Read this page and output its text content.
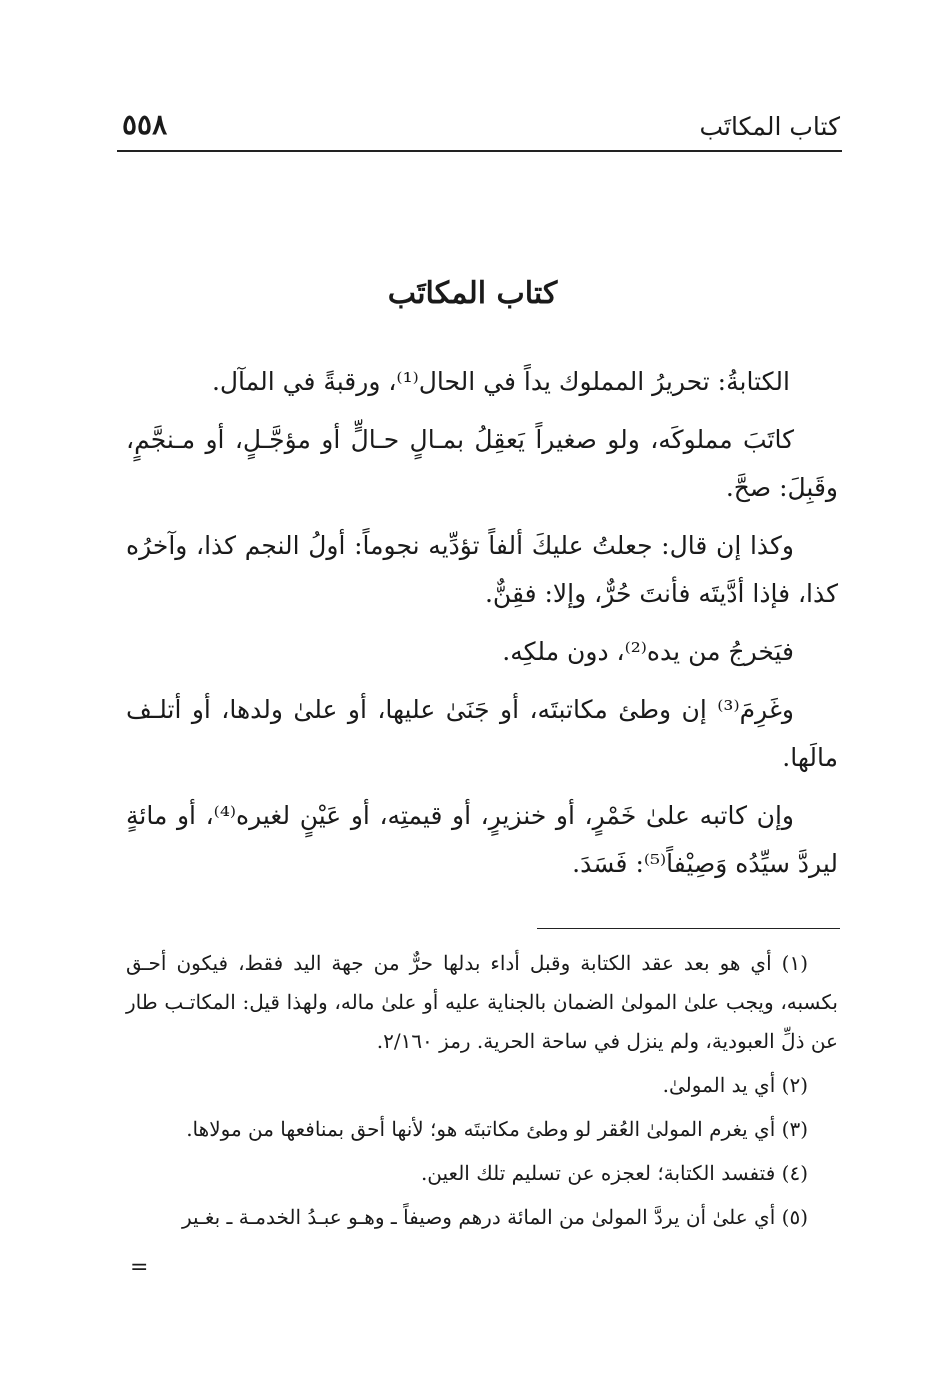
كتاب المكاتَب
٥٥٨
كتاب المكاتَب

الكتابةُ: تحريرُ المملوك يداً في الحال⁽¹⁾، ورقبةً في المآل.

كاتَبَ مملوكَه، ولو صغيراً يَعقِلُ بمـالٍ حـالٍّ أو مؤجَّـلٍ، أو مـنجَّمٍ، وقَبِلَ: صحَّ.

وكذا إن قال: جعلتُ عليكَ ألفاً تؤدِّيه نجوماً: أولُ النجم كذا، وآخرُه كذا، فإذا أدَّيتَه فأنتَ حُرٌّ، وإلا: فقِنٌّ.

فيَخرجُ من يده⁽²⁾، دون ملكِه.

وغَرِمَ⁽³⁾ إن وطئ مكاتبتَه، أو جَنَىٰ عليها، أو علىٰ ولدها، أو أتلـف مالَها.

وإن كاتبه علىٰ خَمْرٍ، أو خنزيرٍ، أو قيمتِه، أو عَيْنٍ لغيره⁽⁴⁾، أو مائةٍ ليردَّ سيِّدُه وَصِيْفاً⁽⁵⁾: فَسَدَ.

(١) أي هو بعد عقد الكتابة وقبل أداء بدلها حرٌّ من جهة اليد فقط، فيكون أحـق بكسبه، ويجب علىٰ المولىٰ الضمان بالجناية عليه أو علىٰ ماله، ولهذا قيل: المكاتـب طار عن ذلِّ العبودية، ولم ينزل في ساحة الحرية. رمز ٢/١٦٠.

(٢) أي يد المولىٰ.

(٣) أي يغرم المولىٰ العُقر لو وطئ مكاتبتَه هو؛ لأنها أحق بمنافعها من مولاها.

(٤) فتفسد الكتابة؛ لعجزه عن تسليم تلك العين.

(٥) أي علىٰ أن يردَّ المولىٰ من المائة درهم وصيفاً ـ وهـو عبـدُ الخدمـة ـ بغـير

=
